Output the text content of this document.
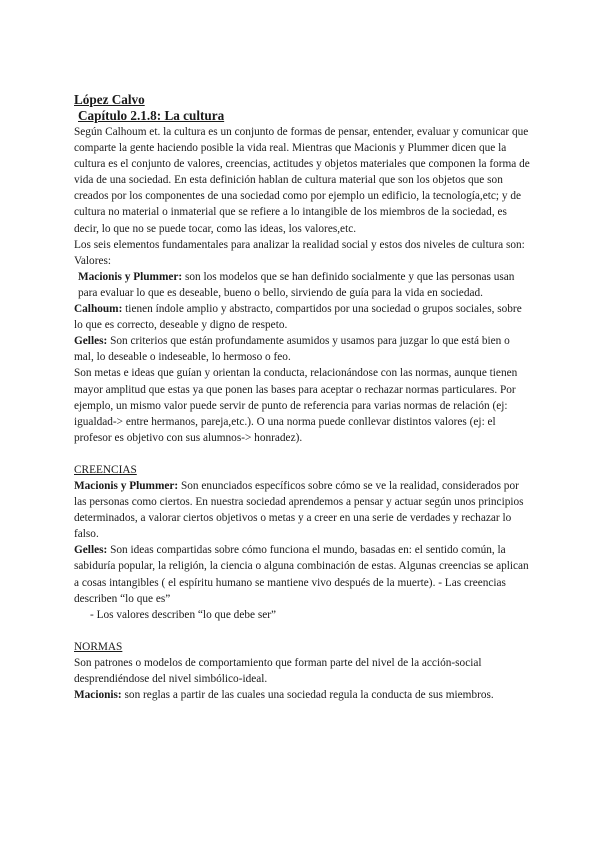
López Calvo
Capítulo 2.1.8: La cultura

Según Calhoum et. la cultura es un conjunto de formas de pensar, entender, evaluar y comunicar que comparte la gente haciendo posible la vida real. Mientras que Macionis y Plummer dicen que la cultura es el conjunto de valores, creencias, actitudes y objetos materiales que componen la forma de vida de una sociedad. En esta definición hablan de cultura material que son los objetos que son creados por los componentes de una sociedad como por ejemplo un edificio, la tecnología,etc; y de cultura no material o inmaterial que se refiere a lo intangible de los miembros de la sociedad, es decir, lo que no se puede tocar, como las ideas, los valores,etc.

Los seis elementos fundamentales para analizar la realidad social y estos dos niveles de cultura son:

Valores:

Macionis y Plummer: son los modelos que se han definido socialmente y que las personas usan para evaluar lo que es deseable, bueno o bello, sirviendo de guía para la vida en sociedad.

Calhoum: tienen índole amplio y abstracto, compartidos por una sociedad o grupos sociales, sobre lo que es correcto, deseable y digno de respeto.

Gelles: Son criterios que están profundamente asumidos y usamos para juzgar lo que está bien o mal, lo deseable o indeseable, lo hermoso o feo.

Son metas e ideas que guían y orientan la conducta, relacionándose con las normas, aunque tienen mayor amplitud que estas ya que ponen las bases para aceptar o rechazar normas particulares. Por ejemplo, un mismo valor puede servir de punto de referencia para varias normas de relación (ej: igualdad-> entre hermanos, pareja,etc.). O una norma puede conllevar distintos valores (ej: el profesor es objetivo con sus alumnos-> honradez).

CREENCIAS

Macionis y Plummer: Son enunciados específicos sobre cómo se ve la realidad, considerados por las personas como ciertos. En nuestra sociedad aprendemos a pensar y actuar según unos principios determinados, a valorar ciertos objetivos o metas y a creer en una serie de verdades y rechazar lo falso.

Gelles: Son ideas compartidas sobre cómo funciona el mundo, basadas en: el sentido común, la sabiduría popular, la religión, la ciencia o alguna combinación de estas. Algunas creencias se aplican a cosas intangibles ( el espíritu humano se mantiene vivo después de la muerte). - Las creencias describen “lo que es”

- Los valores describen “lo que debe ser”

NORMAS

Son patrones o modelos de comportamiento que forman parte del nivel de la acción-social desprendiéndose del nivel simbólico-ideal.

Macionis: son reglas a partir de las cuales una sociedad regula la conducta de sus miembros.
